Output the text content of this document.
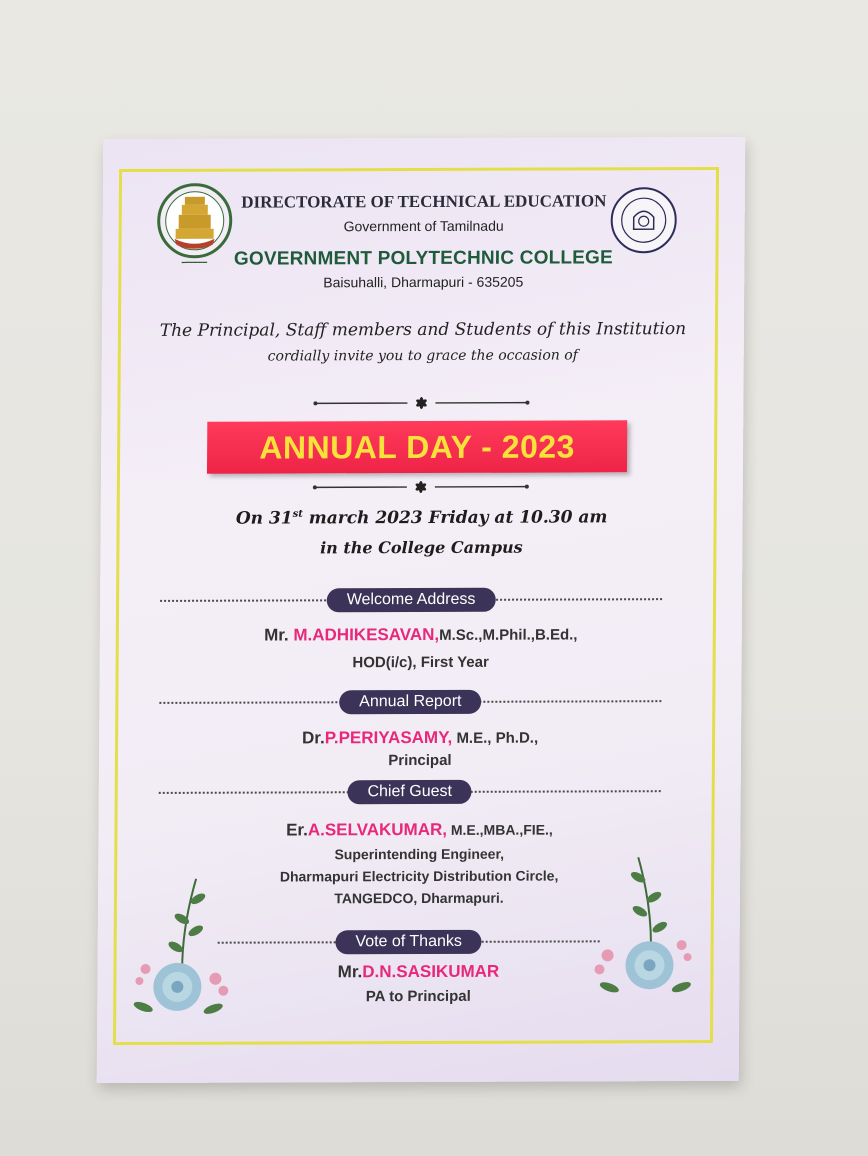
━━━━━━
DIRECTORATE OF TECHNICAL EDUCATION
Government of Tamilnadu
GOVERNMENT POLYTECHNIC COLLEGE
Baisuhalli, Dharmapuri - 635205
The Principal, Staff members and Students of this Institution
cordially invite you to grace the occasion of
ANNUAL DAY - 2023
On 31st march 2023 Friday at 10.30 am
in the College Campus
Welcome Address
Mr. M.ADHIKESAVAN,M.Sc.,M.Phil.,B.Ed.,
HOD(i/c), First Year
Annual Report
Dr.P.PERIYASAMY, M.E., Ph.D.,
Principal
Chief Guest
Er.A.SELVAKUMAR, M.E.,MBA.,FIE.,
Superintending Engineer,
Dharmapuri Electricity Distribution Circle,
TANGEDCO, Dharmapuri.
Vote of Thanks
Mr.D.N.SASIKUMAR
PA to Principal
